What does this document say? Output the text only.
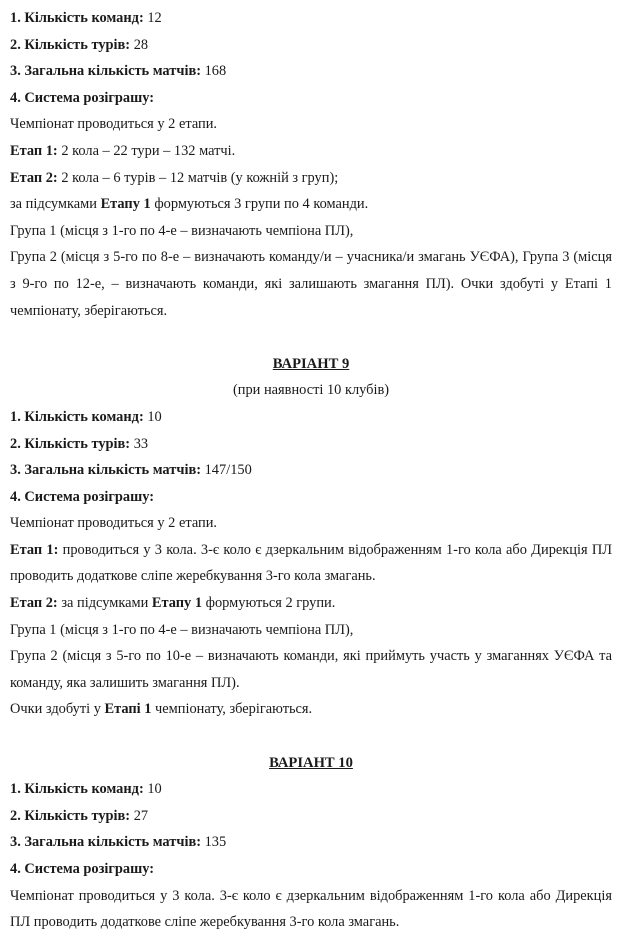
1. Кількість команд: 12

2. Кількість турів: 28

3. Загальна кількість матчів: 168

4. Система розіграшу:

Чемпіонат проводиться у 2 етапи.

Етап 1: 2 кола – 22 тури – 132 матчі.

Етап 2: 2 кола – 6 турів – 12 матчів (у кожній з груп);

за підсумками Етапу 1 формуються 3 групи по 4 команди.

Група 1 (місця з 1-го по 4-е – визначають чемпіона ПЛ),

Група 2 (місця з 5-го по 8-е – визначають команду/и – учасника/и змагань УЄФА), Група 3 (місця з 9-го по 12-е, – визначають команди, які залишають змагання ПЛ). Очки здобуті у Етапі 1 чемпіонату, зберігаються.

ВАРІАНТ 9

(при наявності 10 клубів)

1. Кількість команд: 10

2. Кількість турів: 33

3. Загальна кількість матчів: 147/150

4. Система розіграшу:

Чемпіонат проводиться у 2 етапи.

Етап 1: проводиться у 3 кола. 3-є коло є дзеркальним відображенням 1-го кола або Дирекція ПЛ проводить додаткове сліпе жеребкування 3-го кола змагань.

Етап 2: за підсумками Етапу 1 формуються 2 групи.

Група 1 (місця з 1-го по 4-е – визначають чемпіона ПЛ),

Група 2 (місця з 5-го по 10-е – визначають команди, які приймуть участь у змаганнях УЄФА та команду, яка залишить змагання ПЛ).

Очки здобуті у Етапі 1 чемпіонату, зберігаються.

ВАРІАНТ 10

1. Кількість команд: 10

2. Кількість турів: 27

3. Загальна кількість матчів: 135

4. Система розіграшу:

Чемпіонат проводиться у 3 кола. 3-є коло є дзеркальним відображенням 1-го кола або Дирекція ПЛ проводить додаткове сліпе жеребкування 3-го кола змагань.
